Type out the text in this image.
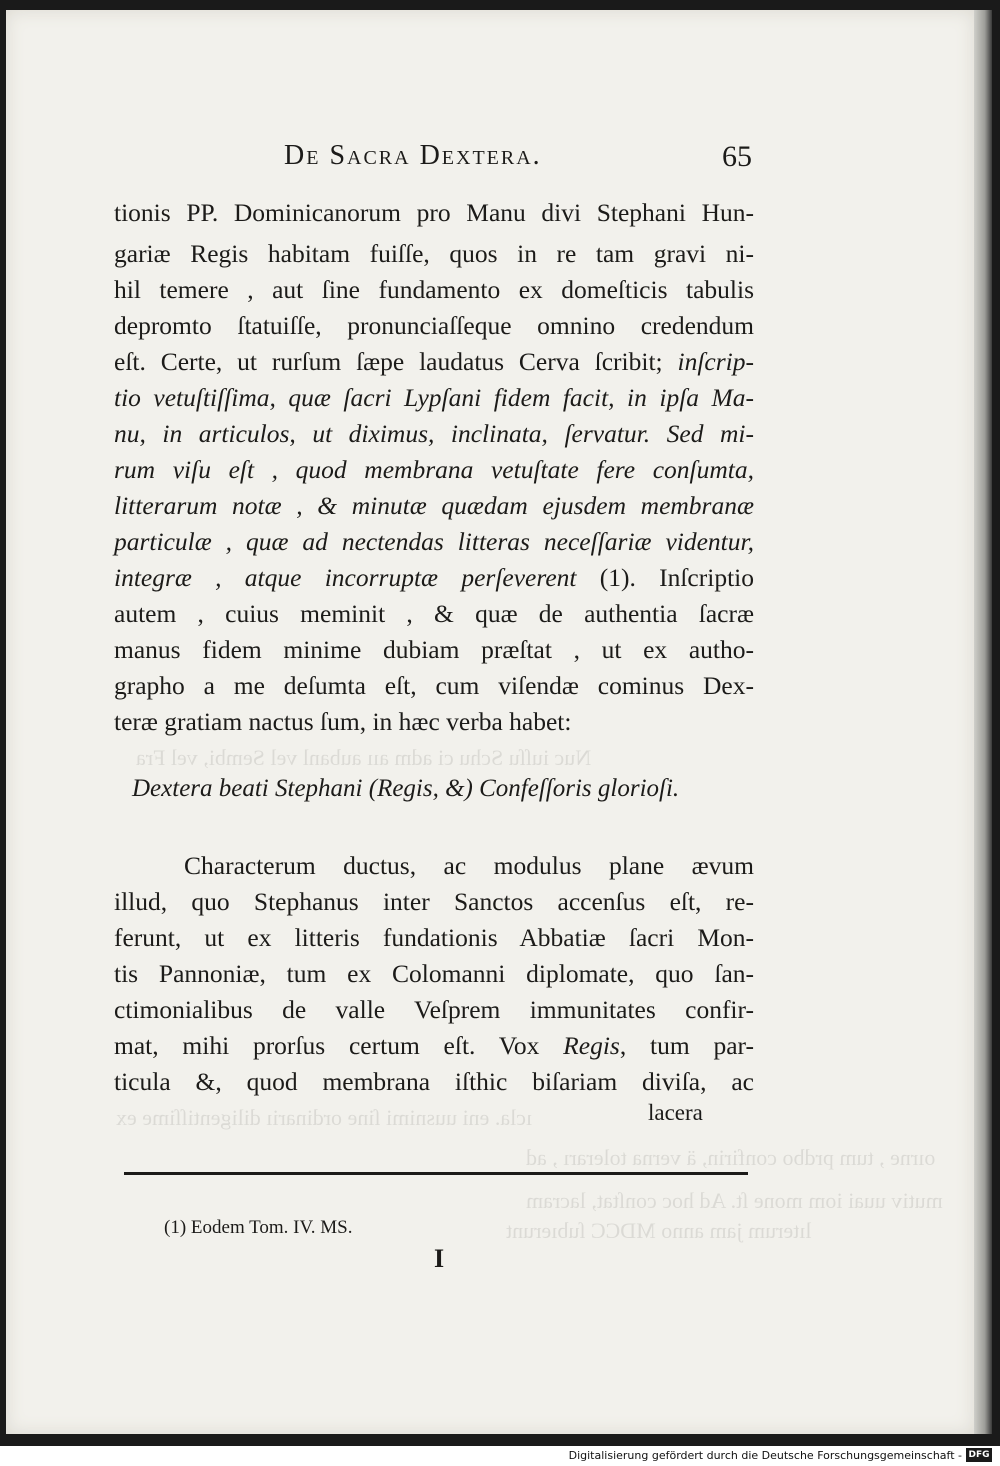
De Sacra Dextera.	65
tionis PP. Dominicanorum pro Manu divi Stephani Hun-
gariæ Regis habitam fuiſſe, quos in re tam gravi ni-
hil temere , aut ſine fundamento ex domeſticis tabulis
depromto ſtatuiſſe, pronunciaſſeque omnino credendum
eſt. Certe, ut rurſum ſæpe laudatus Cerva ſcribit; inſcrip-
tio vetuſtiſſima, quæ ſacri Lypſani fidem facit, in ipſa Ma-
nu, in articulos, ut diximus, inclinata, ſervatur. Sed mi-
rum viſu eſt , quod membrana vetuſtate fere conſumta,
litterarum notæ , & minutæ quædam ejusdem membranæ
particulæ , quæ ad nectendas litteras neceſſariæ videntur,
integræ , atque incorruptæ perſeverent (1). Inſcriptio
autem , cuius meminit , & quæ de authentia ſacræ
manus fidem minime dubiam præſtat , ut ex autho-
grapho a me deſumta eſt, cum viſendæ cominus Dex-
teræ gratiam nactus ſum, in hæc verba habet:
Nuc iuſſu Schu ci adm aıı aubanl vel Sembi, vel Fra
Dextera beati Stephani (Regis, &) Confeſſoris glorioſi.
Characterum ductus, ac modulus plane ævum
illud, quo Stephanus inter Sanctos accenſus eſt, re-
ferunt, ut ex litteris fundationis Abbatiæ ſacri Mon-
tis Pannoniæ, tum ex Colomanni diplomate, quo ſan-
ctimonialibus de valle Veſprem immunitates confir-
mat, mihi prorſus certum eſt. Vox Regis, tum par-
ticula &, quod membrana iſthic biſariam diviſa, ac
ıcla. eni uusnimi ſine ordinariı diligentiſſime ex	lacera
oırne , tum prdbo confirin, ä verna tolerarı , ad
mutiv uuai iom mone ſt. Ad hoc conſtat, lacram
(1) Eodem Tom. IV. MS.	lıterum jam anno MDCC ſubıerunt
I
Digitalisierung gefördert durch die Deutsche Forschungsgemeinschaft - DFG
